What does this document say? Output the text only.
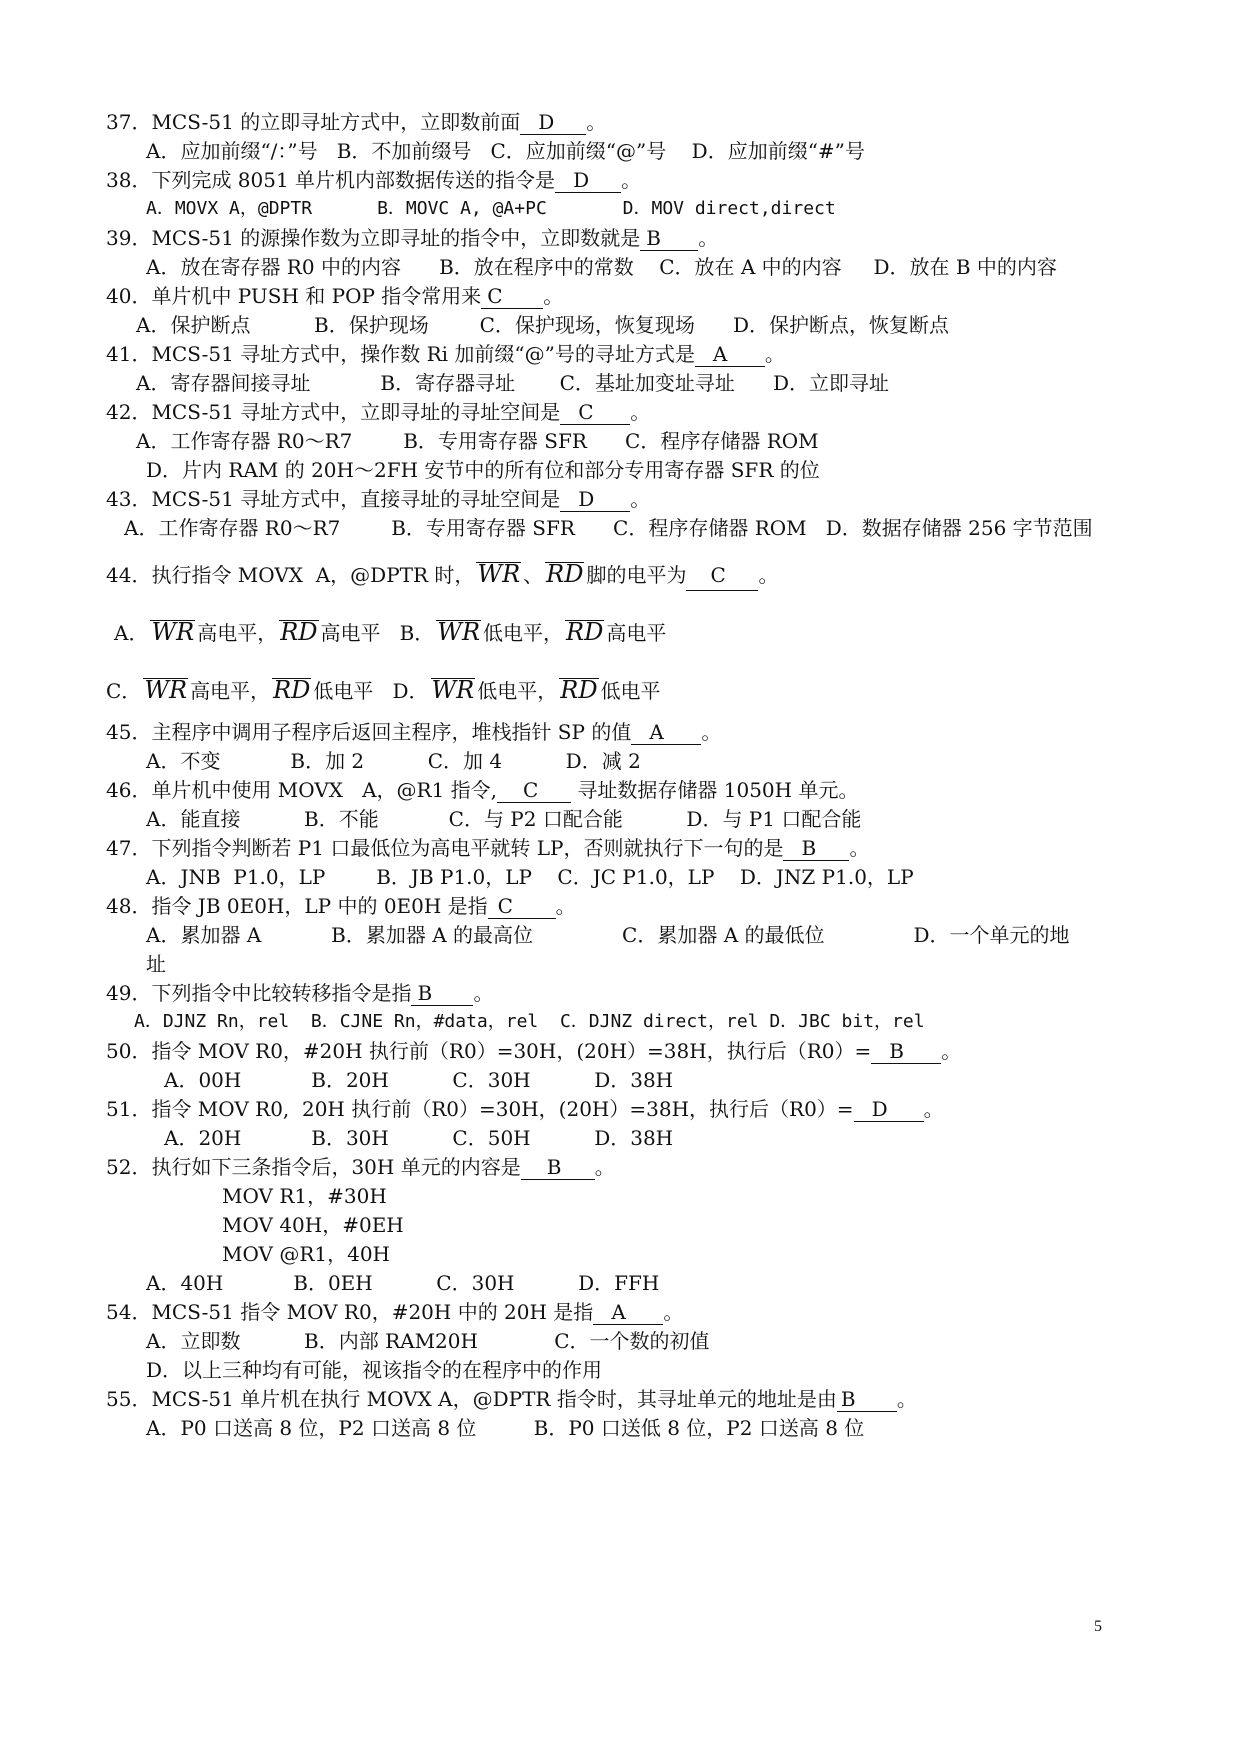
37．MCS-51 的立即寻址方式中，立即数前面 D 。
A．应加前缀“/：”号   B．不加前缀号   C．应加前缀“@”号    D．应加前缀“#”号
38．下列完成 8051 单片机内部数据传送的指令是 D 。
A．MOVX A，@DPTR      B．MOVC A, @A+PC       D．MOV direct,direct
39．MCS-51 的源操作数为立即寻址的指令中，立即数就是 B 。
A．放在寄存器 R0 中的内容      B．放在程序中的常数    C．放在 A 中的内容     D．放在 B 中的内容
40．单片机中 PUSH 和 POP 指令常用来 C 。
A．保护断点          B．保护现场        C．保护现场，恢复现场      D．保护断点，恢复断点
41．MCS-51 寻址方式中，操作数 Ri 加前缀“@”号的寻址方式是 A 。
A．寄存器间接寻址           B．寄存器寻址       C．基址加变址寻址      D．立即寻址
42．MCS-51 寻址方式中，立即寻址的寻址空间是 C 。
A．工作寄存器 R0～R7        B．专用寄存器 SFR      C．程序存储器 ROM
D．片内 RAM 的 20H～2FH 安节中的所有位和部分专用寄存器 SFR 的位
43．MCS-51 寻址方式中，直接寻址的寻址空间是 D 。
A．工作寄存器 R0～R7        B．专用寄存器 SFR      C．程序存储器 ROM   D．数据存储器 256 字节范围
44．执行指令 MOVX  A，@DPTR 时， WR 、 RD 脚的电平为 C 。
A． WR 高电平， RD 高电平 B． WR 低电平， RD 高电平
C． WR 高电平， RD 低电平 D． WR 低电平， RD 低电平
45．主程序中调用子程序后返回主程序，堆栈指针 SP 的值 A 。
A．不变           B．加 2          C．加 4          D．减 2
46．单片机中使用 MOVX   A，@R1 指令, C 寻址数据存储器 1050H 单元。
A．能直接          B．不能           C．与 P2 口配合能          D．与 P1 口配合能
47．下列指令判断若 P1 口最低位为高电平就转 LP，否则就执行下一句的是 B 。
A．JNB  P1.0，LP        B．JB P1.0，LP    C．JC P1.0，LP    D．JNZ P1.0，LP
48．指令 JB 0E0H，LP 中的 0E0H 是指 C 。
A．累加器 A           B．累加器 A 的最高位              C．累加器 A 的最低位              D．一个单元的地
址
49．下列指令中比较转移指令是指 B 。
A．DJNZ Rn，rel  B．CJNE Rn，#data，rel  C．DJNZ direct，rel D．JBC bit，rel
50．指令 MOV R0，#20H 执行前（R0）=30H，(20H）=38H，执行后（R0）= B 。
A．00H           B．20H          C．30H          D．38H
51．指令 MOV R0,  20H 执行前（R0）=30H，(20H）=38H，执行后（R0）= D 。
A．20H           B．30H          C．50H          D．38H
52．执行如下三条指令后，30H 单元的内容是 B 。
MOV R1，#30H
MOV 40H，#0EH
MOV @R1，40H
A．40H           B．0EH          C．30H          D．FFH
54．MCS-51 指令 MOV R0，#20H 中的 20H 是指 A 。
A．立即数          B．内部 RAM20H            C．一个数的初值
D．以上三种均有可能，视该指令的在程序中的作用
55．MCS-51 单片机在执行 MOVX A，@DPTR 指令时，其寻址单元的地址是由 B 。
A．P0 口送高 8 位，P2 口送高 8 位         B．P0 口送低 8 位，P2 口送高 8 位
5
